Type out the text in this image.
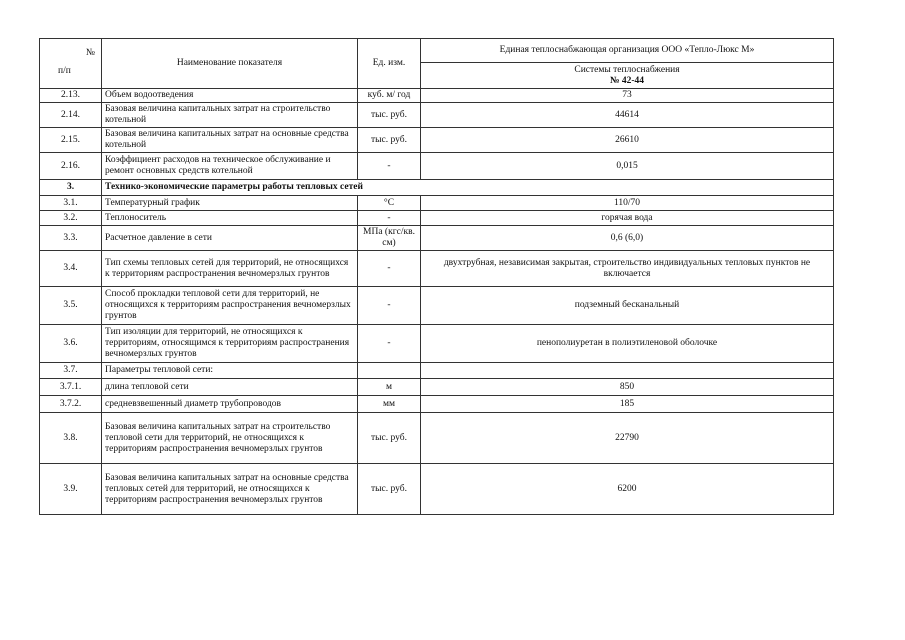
№
п/п	Наименование показателя	Ед. изм.	Единая теплоснабжающая организация ООО «Тепло-Люкс М»

			Системы теплоснабжения
№ 42-44

2.13.	Объем водоотведения	куб. м/ год	73
2.14.	Базовая величина капитальных затрат на строительство котельной	тыс. руб.	44614
2.15.	Базовая величина капитальных затрат на основные средства котельной	тыс. руб.	26610
2.16.	Коэффициент расходов на техническое обслуживание и ремонт основных средств котельной	-	0,015
3.	Технико-экономические параметры работы тепловых сетей		
3.1.	Температурный график	°С	110/70
3.2.	Теплоноситель	-	горячая вода
3.3.	Расчетное давление в сети	МПа (кгс/кв. см)	0,6 (6,0)
3.4.	Тип схемы тепловых сетей для территорий, не относящихся к территориям распространения вечномерзлых грунтов	-	двухтрубная, независимая закрытая, строительство индивидуальных тепловых пунктов не включается
3.5.	Способ прокладки тепловой сети для территорий, не относящихся к территориям распространения вечномерзлых грунтов	-	подземный бесканальный
3.6.	Тип изоляции для территорий, не относящихся к территориям, относящимся к территориям распространения вечномерзлых грунтов	-	пенополиуретан в полиэтиленовой оболочке
3.7.	Параметры тепловой сети:		
3.7.1.	длина тепловой сети	м	850
3.7.2.	средневзвешенный диаметр трубопроводов	мм	185
3.8.	Базовая величина капитальных затрат на строительство тепловой сети для территорий, не относящихся к территориям распространения вечномерзлых грунтов	тыс. руб.	22790
3.9.	Базовая величина капитальных затрат на основные средства тепловых сетей для территорий, не относящихся к территориям распространения вечномерзлых грунтов	тыс. руб.	6200
